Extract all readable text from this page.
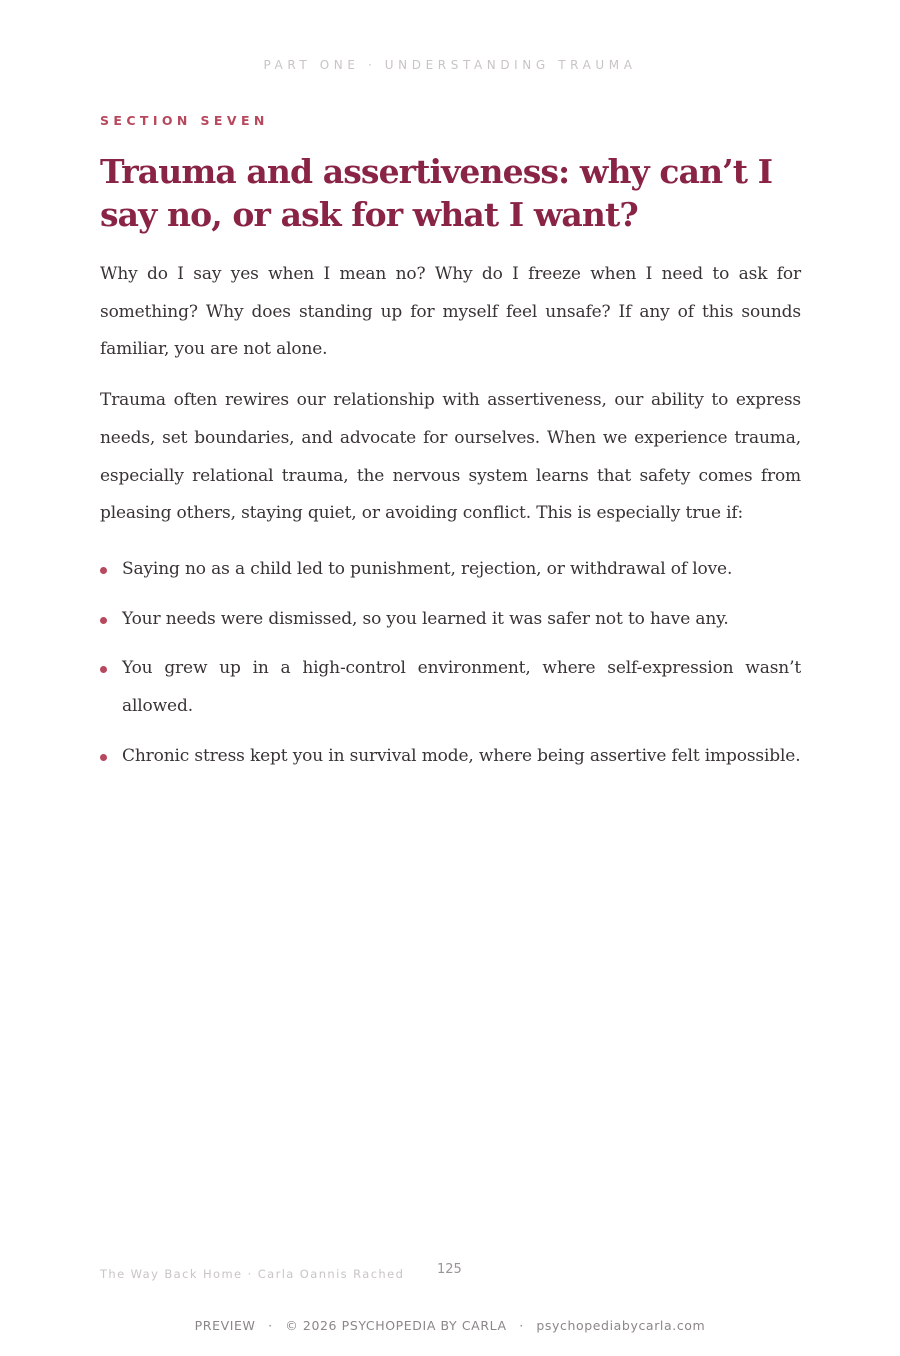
PART ONE · UNDERSTANDING TRAUMA

SECTION SEVEN

Trauma and assertiveness: why can’t I say no, or ask for what I want?

Why do I say yes when I mean no? Why do I freeze when I need to ask for something? Why does standing up for myself feel unsafe? If any of this sounds familiar, you are not alone.

Trauma often rewires our relationship with assertiveness, our ability to express needs, set boundaries, and advocate for ourselves. When we experience trauma, especially relational trauma, the nervous system learns that safety comes from pleasing others, staying quiet, or avoiding conflict. This is especially true if:

Saying no as a child led to punishment, rejection, or withdrawal of love.
Your needs were dismissed, so you learned it was safer not to have any.
You grew up in a high-control environment, where self-expression wasn’t allowed.
Chronic stress kept you in survival mode, where being assertive felt impossible.
The Way Back Home · Carla Oannis Rached	125
PREVIEW · © 2026 PSYCHOPEDIA BY CARLA · psychopediabycarla.com
